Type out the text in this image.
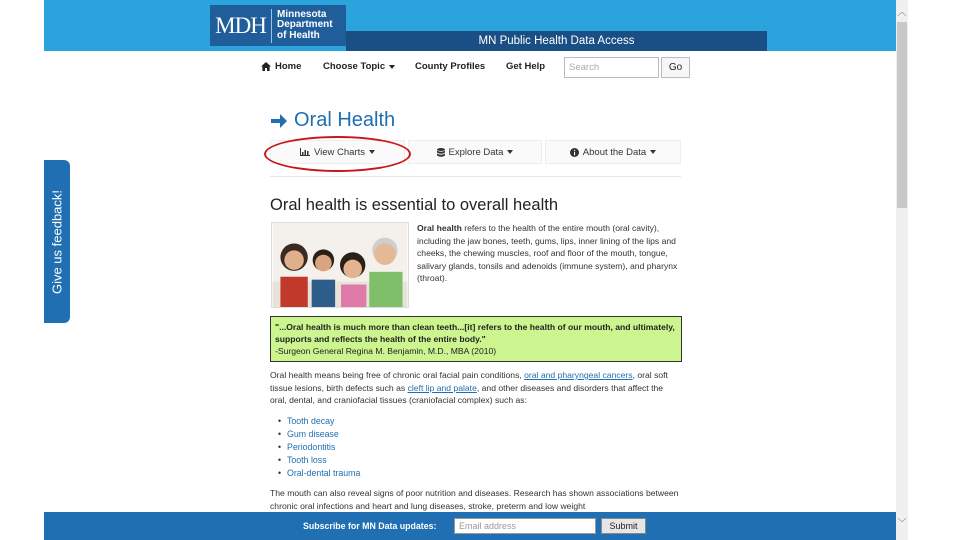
MDH	Minnesota
Department
of Health	MN Public Health Data Access
Home Choose Topic	County Profiles Get Help	Search	Go
Give us feedback!
Oral Health
View Charts	Explore Data	About the Data
Oral health is essential to overall health
Oral health refers to the health of the entire mouth (oral cavity), including the jaw bones, teeth, gums, lips, inner lining of the lips and cheeks, the chewing muscles, roof and floor of the mouth, tongue, salivary glands, tonsils and adenoids (immune system), and pharynx (throat).
"...Oral health is much more than clean teeth...[it] refers to the health of our mouth, and ultimately, supports and reflects the health of the entire body."
-Surgeon General Regina M. Benjamin, M.D., MBA (2010)
Oral health means being free of chronic oral facial pain conditions, oral and pharyngeal cancers, oral soft tissue lesions, birth defects such as cleft lip and palate, and other diseases and disorders that affect the oral, dental, and craniofacial tissues (craniofacial complex) such as:
• Tooth decay
• Gum disease
• Periodontitis
• Tooth loss
• Oral-dental trauma
The mouth can also reveal signs of poor nutrition and diseases. Research has shown associations between chronic oral infections and heart and lung diseases, stroke, preterm and low weight
Subscribe for MN Data updates:	Email address	Submit
︿
﹀
